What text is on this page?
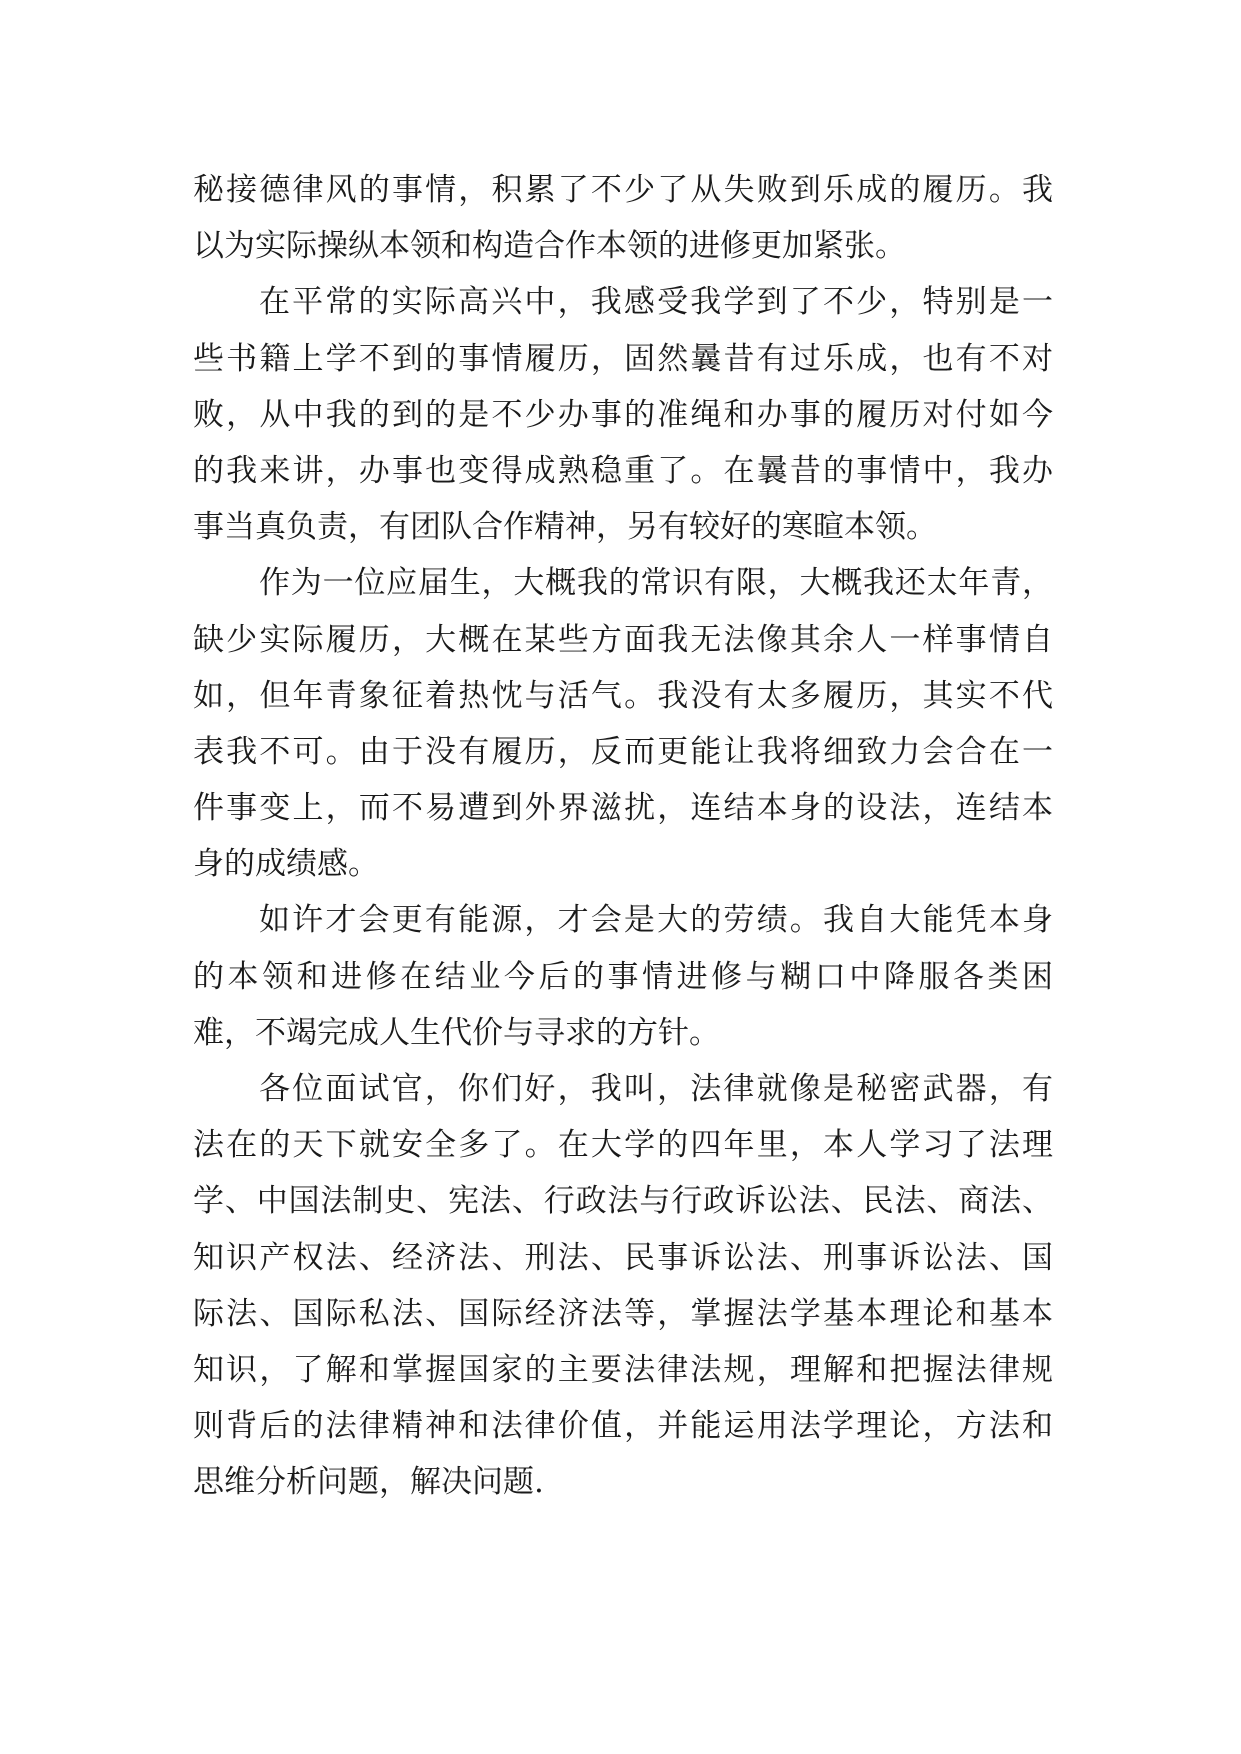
秘接德律风的事情，积累了不少了从失败到乐成的履历。我
以为实际操纵本领和构造合作本领的进修更加紧张。
在平常的实际高兴中，我感受我学到了不少，特别是一
些书籍上学不到的事情履历，固然曩昔有过乐成，也有不对
败，从中我的到的是不少办事的准绳和办事的履历对付如今
的我来讲，办事也变得成熟稳重了。在曩昔的事情中，我办
事当真负责，有团队合作精神，另有较好的寒暄本领。
作为一位应届生，大概我的常识有限，大概我还太年青，
缺少实际履历，大概在某些方面我无法像其余人一样事情自
如，但年青象征着热忱与活气。我没有太多履历，其实不代
表我不可。由于没有履历，反而更能让我将细致力会合在一
件事变上，而不易遭到外界滋扰，连结本身的设法，连结本
身的成绩感。
如许才会更有能源，才会是大的劳绩。我自大能凭本身
的本领和进修在结业今后的事情进修与糊口中降服各类困
难，不竭完成人生代价与寻求的方针。
各位面试官，你们好，我叫，法律就像是秘密武器，有
法在的天下就安全多了。在大学的四年里，本人学习了法理
学、中国法制史、宪法、行政法与行政诉讼法、民法、商法、
知识产权法、经济法、刑法、民事诉讼法、刑事诉讼法、国
际法、国际私法、国际经济法等，掌握法学基本理论和基本
知识，了解和掌握国家的主要法律法规，理解和把握法律规
则背后的法律精神和法律价值，并能运用法学理论，方法和
思维分析问题，解决问题.
